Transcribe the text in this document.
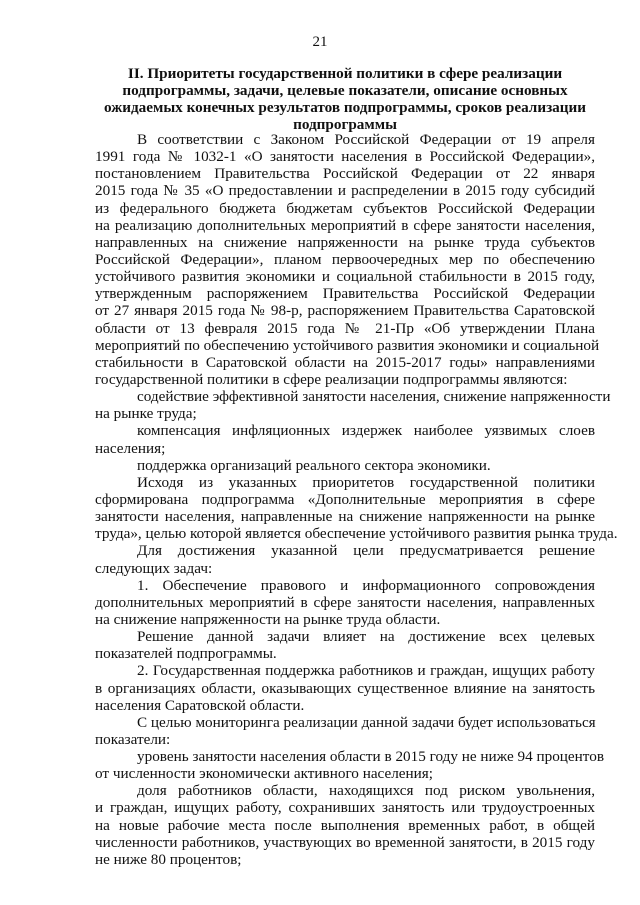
21
II. Приоритеты государственной политики в сфере реализации
подпрограммы, задачи, целевые показатели, описание основных
ожидаемых конечных результатов подпрограммы, сроков реализации
подпрограммы
В соответствии с Законом Российской Федерации от 19 апреля
1991 года № 1032-1 «О занятости населения в Российской Федерации»,
постановлением Правительства Российской Федерации от 22 января
2015 года № 35 «О предоставлении и распределении в 2015 году субсидий
из федерального бюджета бюджетам субъектов Российской Федерации
на реализацию дополнительных мероприятий в сфере занятости населения,
направленных на снижение напряженности на рынке труда субъектов
Российской Федерации», планом первоочередных мер по обеспечению
устойчивого развития экономики и социальной стабильности в 2015 году,
утвержденным распоряжением Правительства Российской Федерации
от 27 января 2015 года № 98-р, распоряжением Правительства Саратовской
области от 13 февраля 2015 года № 21-Пр «Об утверждении Плана
мероприятий по обеспечению устойчивого развития экономики и социальной
стабильности в Саратовской области на 2015-2017 годы» направлениями
государственной политики в сфере реализации подпрограммы являются:
содействие эффективной занятости населения, снижение напряженности
на рынке труда;
компенсация инфляционных издержек наиболее уязвимых слоев
населения;
поддержка организаций реального сектора экономики.
Исходя из указанных приоритетов государственной политики
сформирована подпрограмма «Дополнительные мероприятия в сфере
занятости населения, направленные на снижение напряженности на рынке
труда», целью которой является обеспечение устойчивого развития рынка труда.
Для достижения указанной цели предусматривается решение
следующих задач:
1. Обеспечение правового и информационного сопровождения
дополнительных мероприятий в сфере занятости населения, направленных
на снижение напряженности на рынке труда области.
Решение данной задачи влияет на достижение всех целевых
показателей подпрограммы.
2. Государственная поддержка работников и граждан, ищущих работу
в организациях области, оказывающих существенное влияние на занятость
населения Саратовской области.
С целью мониторинга реализации данной задачи будет использоваться
показатели:
уровень занятости населения области в 2015 году не ниже 94 процентов
от численности экономически активного населения;
доля работников области, находящихся под риском увольнения,
и граждан, ищущих работу, сохранивших занятость или трудоустроенных
на новые рабочие места после выполнения временных работ, в общей
численности работников, участвующих во временной занятости, в 2015 году
не ниже 80 процентов;
